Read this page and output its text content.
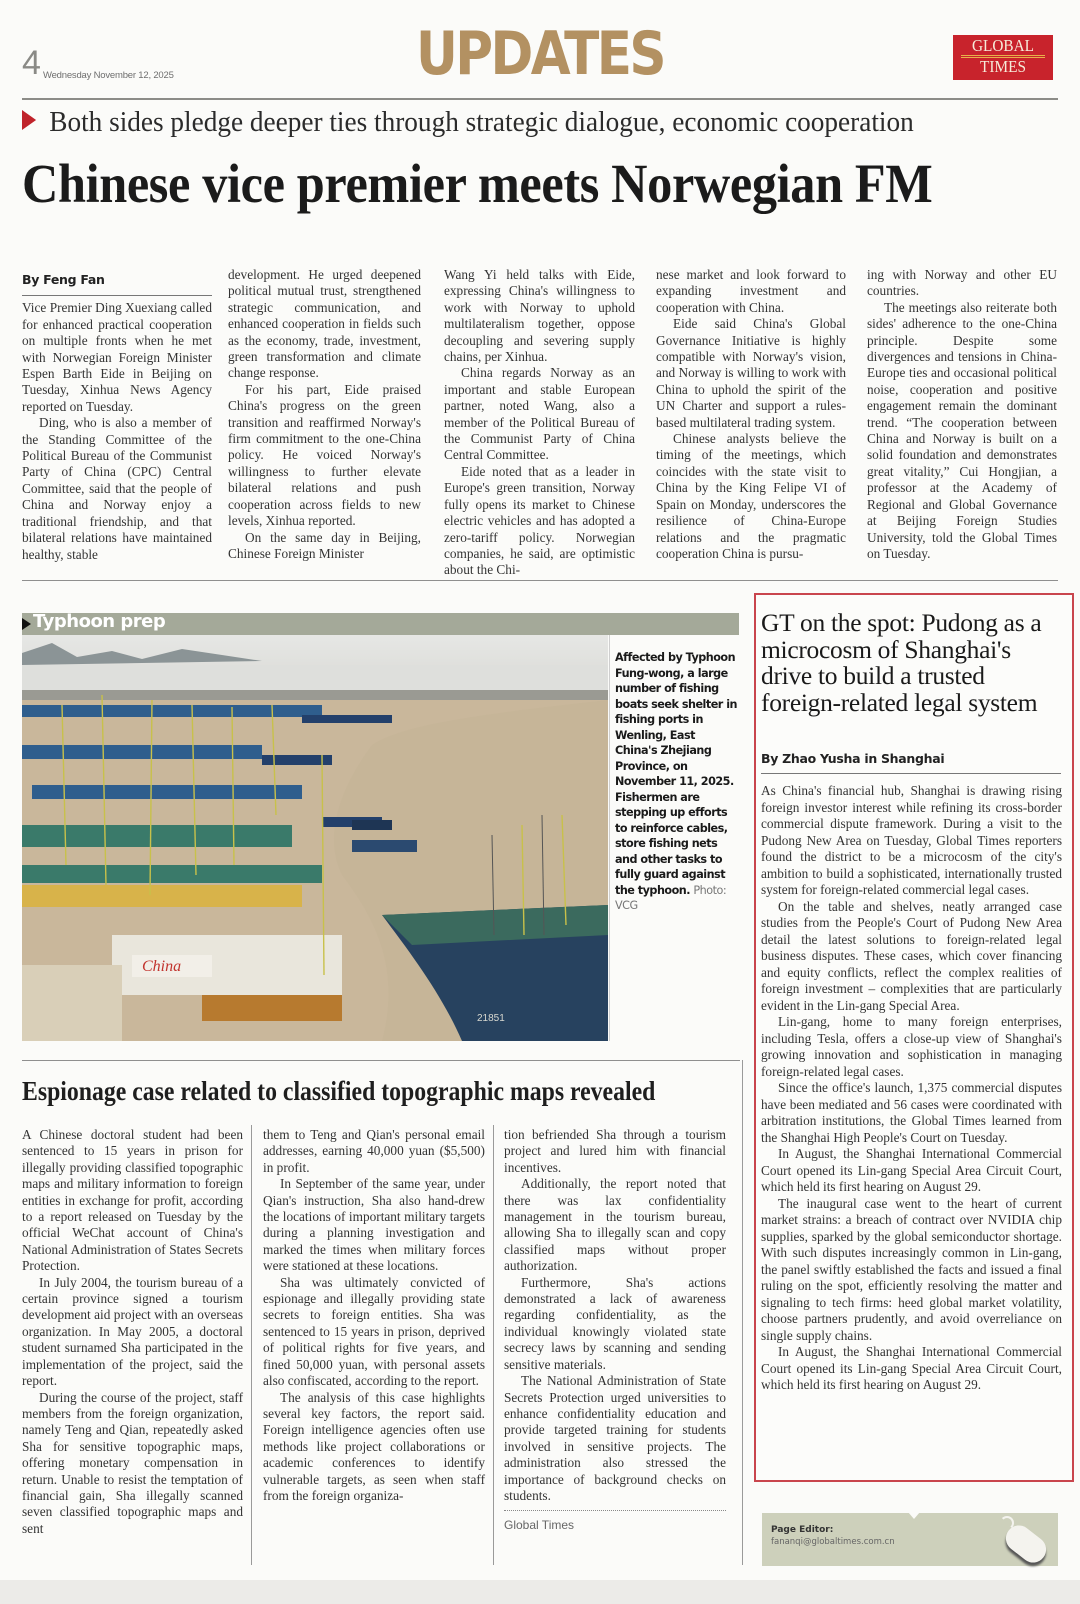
4 Wednesday November 12, 2025	UPDATES	GLOBAL
TIMES
Both sides pledge deeper ties through strategic dialogue, economic cooperation
Chinese vice premier meets Norwegian FM
By Feng Fan

Vice Premier Ding Xuexiang called for enhanced practical cooperation on multiple fronts when he met with Norwegian Foreign Minister Espen Barth Eide in Beijing on Tuesday, Xinhua News Agency reported on Tuesday.

Ding, who is also a member of the Standing Committee of the Political Bureau of the Communist Party of China (CPC) Central Committee, said that the people of China and Norway enjoy a traditional friendship, and that bilateral relations have maintained healthy, stable

development. He urged deepened political mutual trust, strengthened strategic communication, and enhanced cooperation in fields such as the economy, trade, investment, green transformation and climate change response.

For his part, Eide praised China's progress on the green transition and reaffirmed Norway's firm commitment to the one-China policy. He voiced Norway's willingness to further elevate bilateral relations and push cooperation across fields to new levels, Xinhua reported.

On the same day in Beijing, Chinese Foreign Minister

Wang Yi held talks with Eide, expressing China's willingness to work with Norway to uphold multilateralism together, oppose decoupling and severing supply chains, per Xinhua.

China regards Norway as an important and stable European partner, noted Wang, also a member of the Political Bureau of the Communist Party of China Central Committee.

Eide noted that as a leader in Europe's green transition, Norway fully opens its market to Chinese electric vehicles and has adopted a zero-tariff policy. Norwegian companies, he said, are optimistic about the Chi-

nese market and look forward to expanding investment and cooperation with China.

Eide said China's Global Governance Initiative is highly compatible with Norway's vision, and Norway is willing to work with China to uphold the spirit of the UN Charter and support a rules-based multilateral trading system.

Chinese analysts believe the timing of the meetings, which coincides with the state visit to China by the King Felipe VI of Spain on Monday, underscores the resilience of China-Europe relations and the pragmatic cooperation China is pursu-

ing with Norway and other EU countries.

The meetings also reiterate both sides' adherence to the one-China principle. Despite some divergences and tensions in China-Europe ties and occasional political noise, cooperation and positive engagement remain the dominant trend. “The cooperation between China and Norway is built on a solid foundation and demonstrates great vitality,” Cui Hongjian, a professor at the Academy of Regional and Global Governance at Beijing Foreign Studies University, told the Global Times on Tuesday.

Typhoon prep
China
21851
Affected by Typhoon Fung-wong, a large number of fishing boats seek shelter in fishing ports in Wenling, East China's Zhejiang Province, on November 11, 2025. Fishermen are stepping up efforts to reinforce cables, store fishing nets and other tasks to fully guard against the typhoon. Photo: VCG
Espionage case related to classified topographic maps revealed

A Chinese doctoral student had been sentenced to 15 years in prison for illegally providing classified topographic maps and military information to foreign entities in exchange for profit, according to a report released on Tuesday by the official WeChat account of China's National Administration of States Secrets Protection.

In July 2004, the tourism bureau of a certain province signed a tourism development aid project with an overseas organization. In May 2005, a doctoral student surnamed Sha participated in the implementation of the project, said the report.

During the course of the project, staff members from the foreign organization, namely Teng and Qian, repeatedly asked Sha for sensitive topographic maps, offering monetary compensation in return. Unable to resist the temptation of financial gain, Sha illegally scanned seven classified topographic maps and sent

them to Teng and Qian's personal email addresses, earning 40,000 yuan ($5,500) in profit.

In September of the same year, under Qian's instruction, Sha also hand-drew the locations of important military targets during a planning investigation and marked the times when military forces were stationed at these locations.

Sha was ultimately convicted of espionage and illegally providing state secrets to foreign entities. Sha was sentenced to 15 years in prison, deprived of political rights for five years, and fined 50,000 yuan, with personal assets also confiscated, according to the report.

The analysis of this case highlights several key factors, the report said. Foreign intelligence agencies often use methods like project collaborations or academic conferences to identify vulnerable targets, as seen when staff from the foreign organiza-

tion befriended Sha through a tourism project and lured him with financial incentives.

Additionally, the report noted that there was lax confidentiality management in the tourism bureau, allowing Sha to illegally scan and copy classified maps without proper authorization.

Furthermore, Sha's actions demonstrated a lack of awareness regarding confidentiality, as the individual knowingly violated state secrecy laws by scanning and sending sensitive materials.

The National Administration of State Secrets Protection urged universities to enhance confidentiality education and provide targeted training for students involved in sensitive projects. The administration also stressed the importance of background checks on students.

Global Times

GT on the spot: Pudong as a microcosm of Shanghai's drive to build a trusted foreign-related legal system
By Zhao Yusha in Shanghai

As China's financial hub, Shanghai is drawing rising foreign investor interest while refining its cross-border commercial dispute framework. During a visit to the Pudong New Area on Tuesday, Global Times reporters found the district to be a microcosm of the city's ambition to build a sophisticated, internationally trusted system for foreign-related commercial legal cases.

On the table and shelves, neatly arranged case studies from the People's Court of Pudong New Area detail the latest solutions to foreign-related legal business disputes. These cases, which cover financing and equity conflicts, reflect the complex realities of foreign investment – complexities that are particularly evident in the Lin-gang Special Area.

Lin-gang, home to many foreign enterprises, including Tesla, offers a close-up view of Shanghai's growing innovation and sophistication in managing foreign-related legal cases.

Since the office's launch, 1,375 commercial disputes have been mediated and 56 cases were coordinated with arbitration institutions, the Global Times learned from the Shanghai High People's Court on Tuesday.

In August, the Shanghai International Commercial Court opened its Lin-gang Special Area Circuit Court, which held its first hearing on August 29.

The inaugural case went to the heart of current market strains: a breach of contract over NVIDIA chip supplies, sparked by the global semiconductor shortage. With such disputes increasingly common in Lin-gang, the panel swiftly established the facts and issued a final ruling on the spot, efficiently resolving the matter and signaling to tech firms: heed global market volatility, choose partners prudently, and avoid overreliance on single supply chains.

In August, the Shanghai International Commercial Court opened its Lin-gang Special Area Circuit Court, which held its first hearing on August 29.

Page Editor:
fananqi@globaltimes.com.cn
